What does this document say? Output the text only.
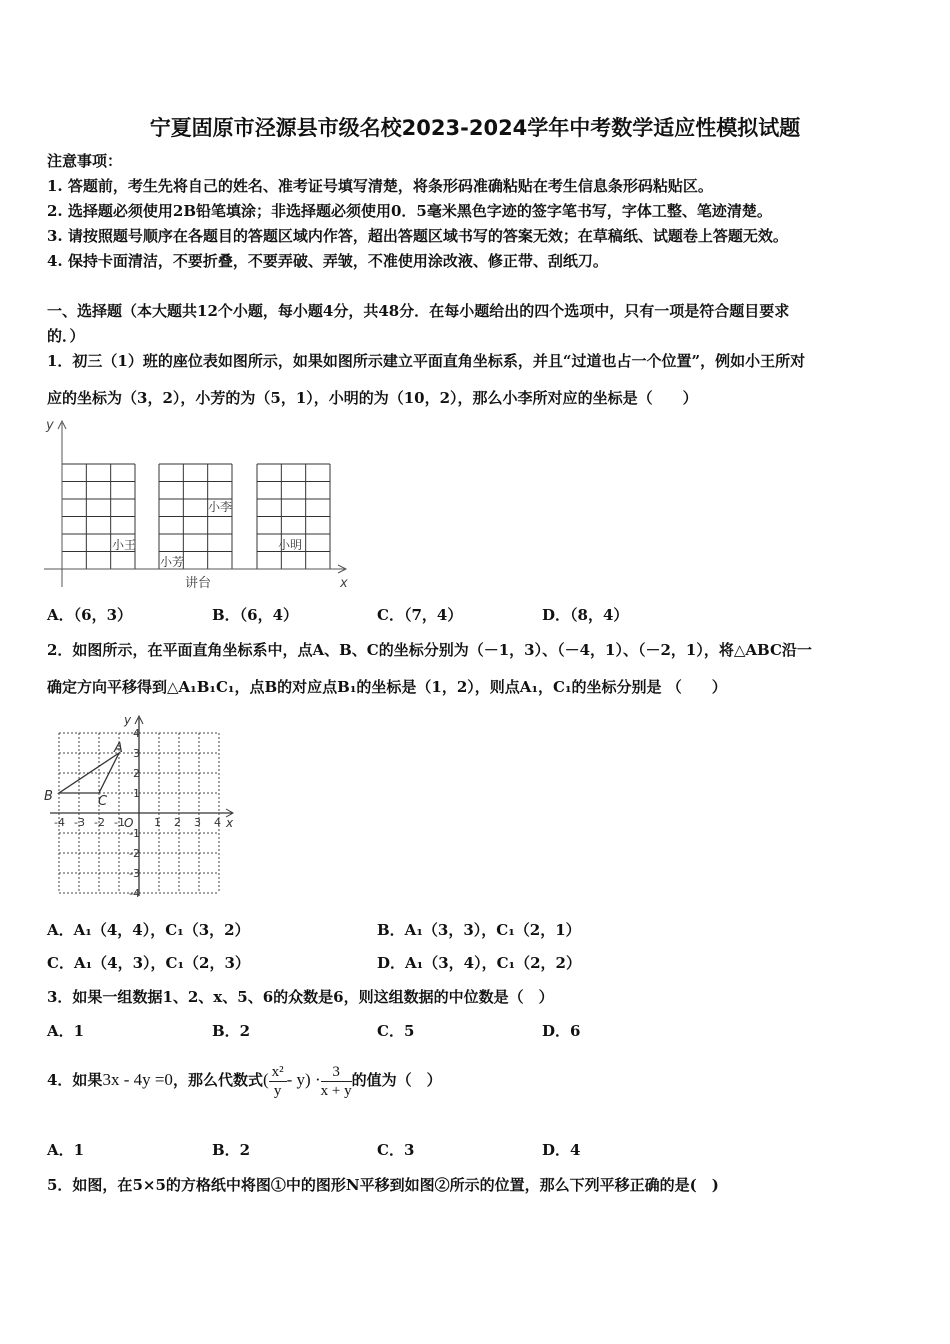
宁夏固原市泾源县市级名校2023-2024学年中考数学适应性模拟试题
注意事项：
1. 答题前，考生先将自己的姓名、准考证号填写清楚，将条形码准确粘贴在考生信息条形码粘贴区。
2. 选择题必须使用2B铅笔填涂；非选择题必须使用0．5毫米黑色字迹的签字笔书写，字体工整、笔迹清楚。
3. 请按照题号顺序在各题目的答题区域内作答，超出答题区域书写的答案无效；在草稿纸、试题卷上答题无效。
4. 保持卡面清洁，不要折叠，不要弄破、弄皱，不准使用涂改液、修正带、刮纸刀。
一、选择题（本大题共12个小题，每小题4分，共48分．在每小题给出的四个选项中，只有一项是符合题目要求
的．）
1．初三（1）班的座位表如图所示，如果如图所示建立平面直角坐标系，并且“过道也占一个位置”，例如小王所对
应的坐标为（3，2），小芳的为（5，1），小明的为（10，2），那么小李所对应的坐标是（　　）
y
x
小王
小芳
小李
小明
讲台
A．（6，3）	B．（6，4）	C．（7，4）	D．（8，4）
2．如图所示，在平面直角坐标系中，点A、B、C的坐标分别为（－1，3）、（－4，1）、（－2，1），将△ABC沿一
确定方向平移得到△A₁B₁C₁，点B的对应点B₁的坐标是（1，2），则点A₁，C₁的坐标分别是 （　　）
-4 -3 -2 -1	1 2 3 4
4
3
2
1
-1
-2
-3
-4
A
B	C
O	x
y
A．A₁（4，4），C₁（3，2）	B．A₁（3，3），C₁（2，1）
C．A₁（4，3），C₁（2，3）	D．A₁（3，4），C₁（2，2）
3．如果一组数据1、2、x、5、6的众数是6，则这组数据的中位数是（　）
A．1	B．2	C．5	D．6
4．如果3x - 4y =0，那么代数式( $\frac{\text{x²}}{y} - y) \cdot \frac{3}{x + y}$ 的值为（　）
A．1	B．2	C．3	D．4
5．如图，在5×5的方格纸中将图①中的图形N平移到如图②所示的位置，那么下列平移正确的是(　)
